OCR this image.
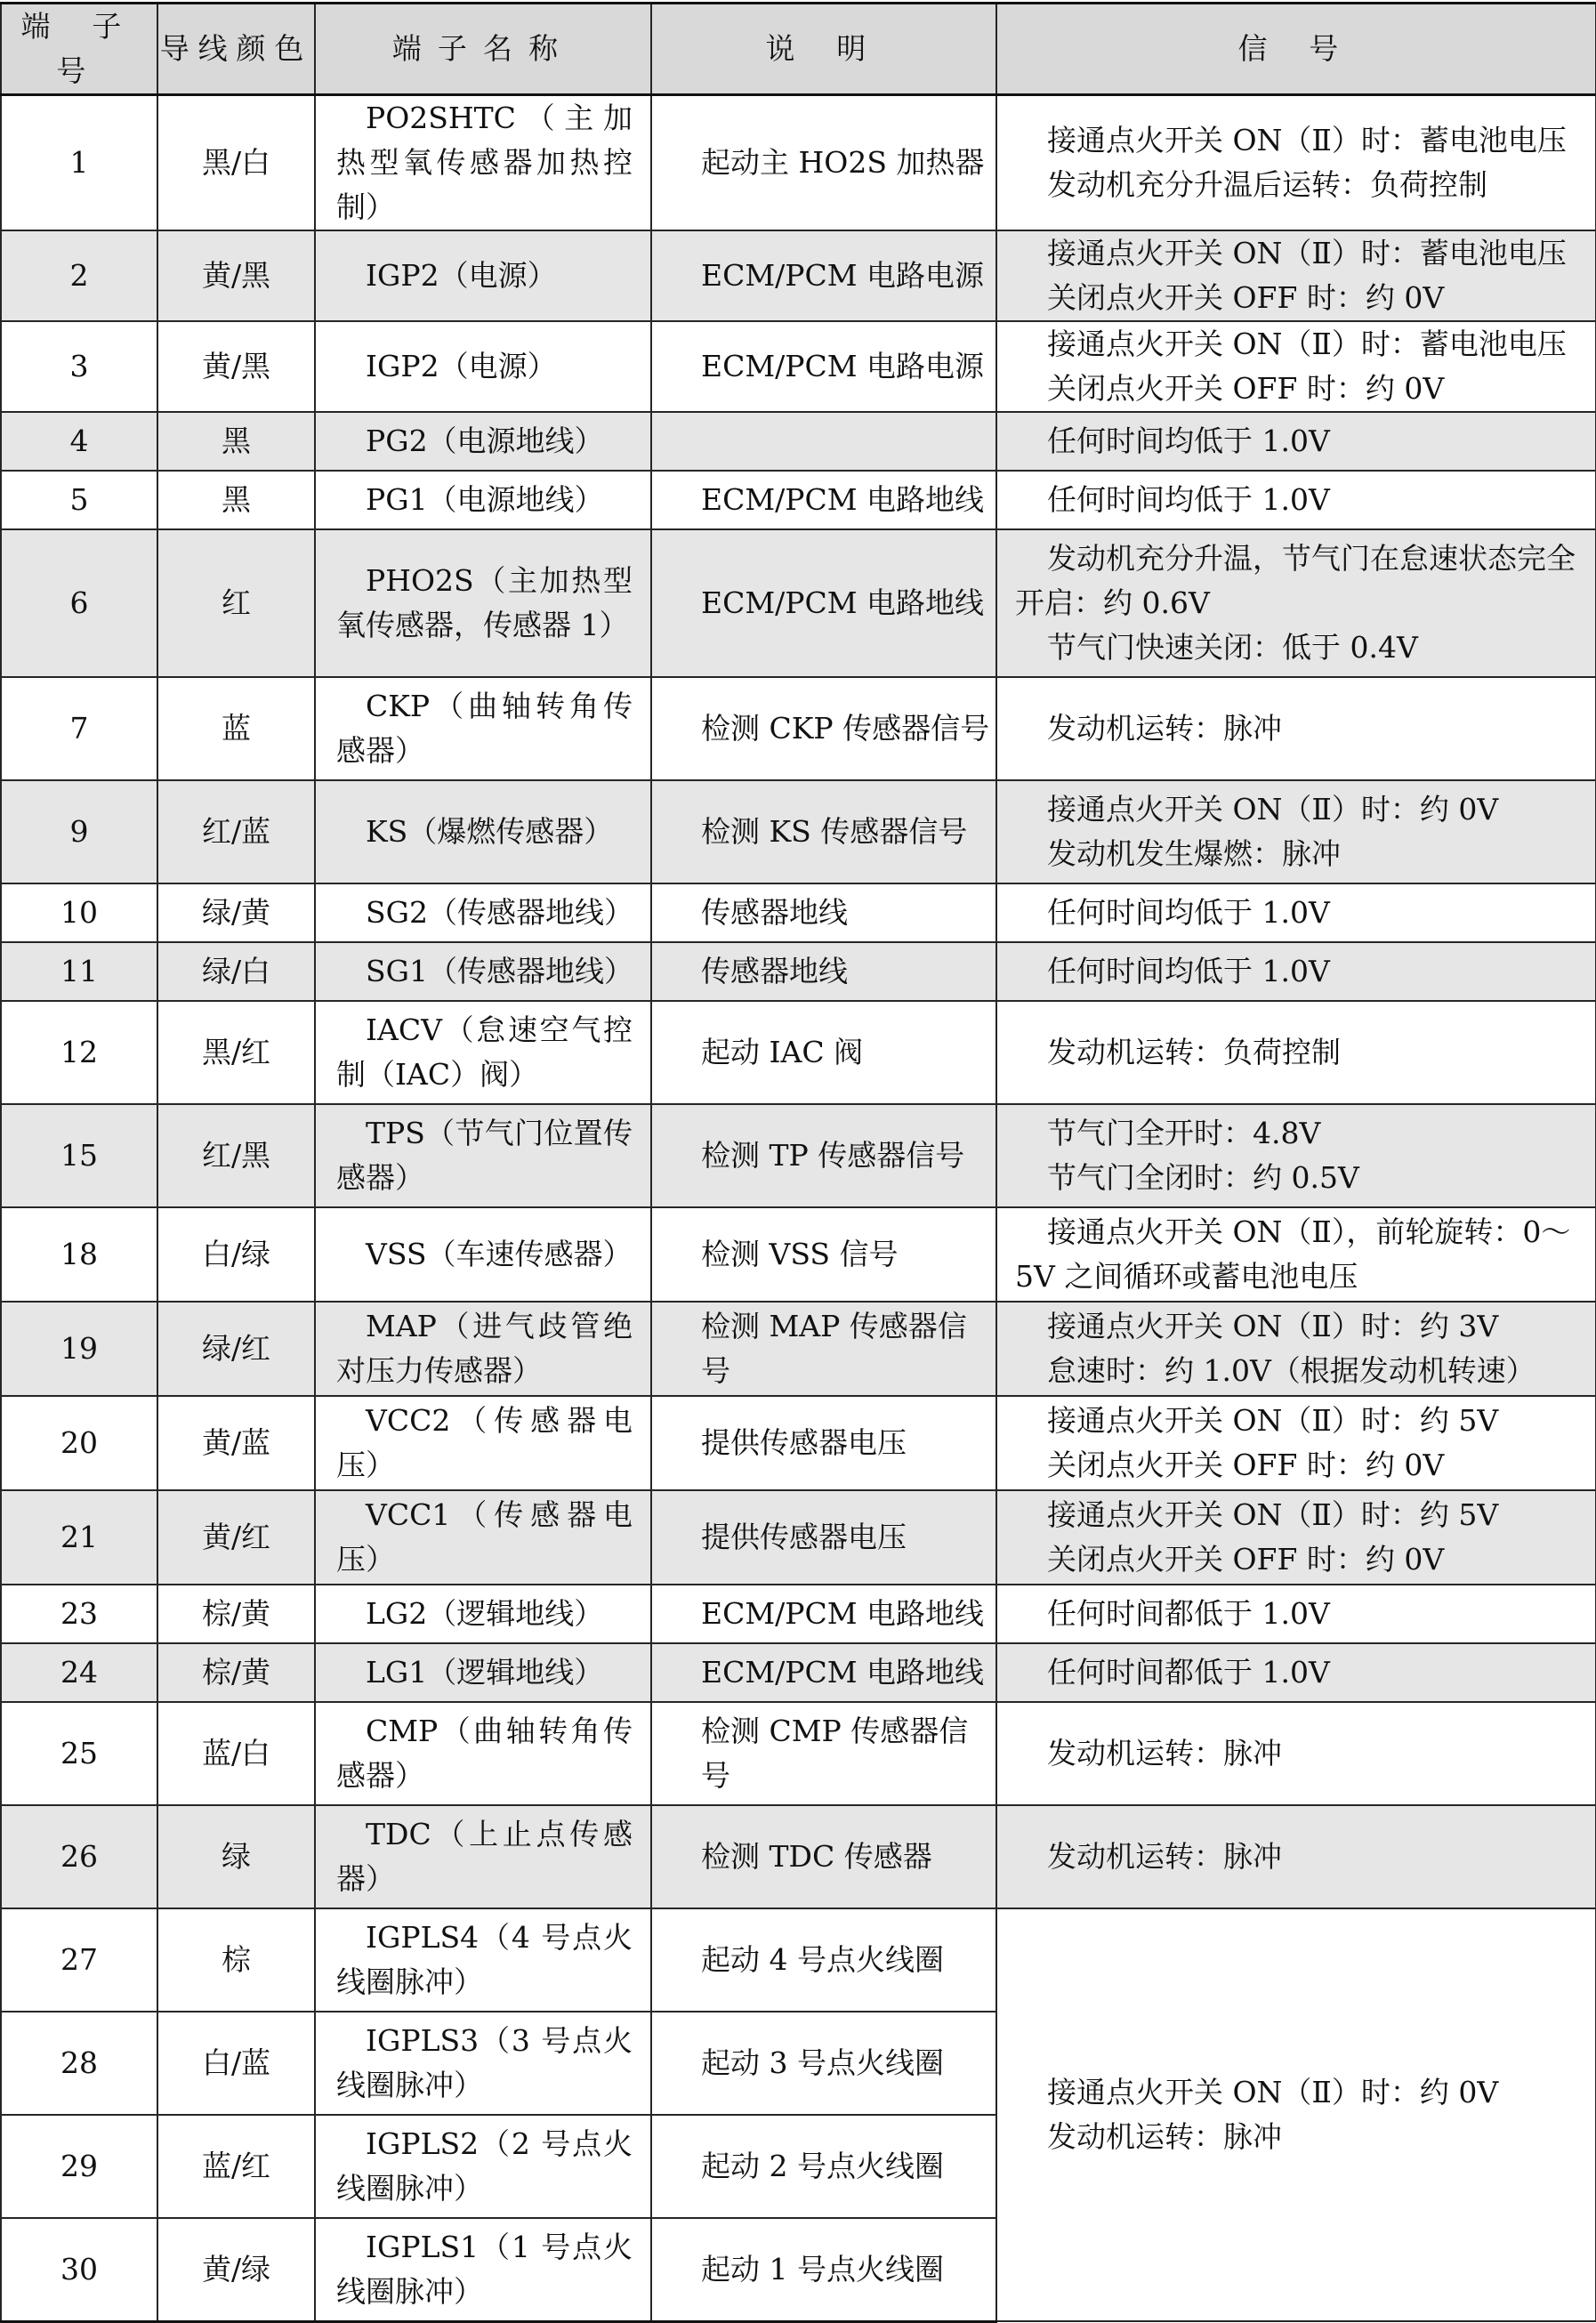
端 子 号	导线颜色	端子名称	说 明	信 号
1	黑/白	PO2SHTC（主加热型氧传感器加热控制）	起动主 HO2S 加热器	接通点火开关 ON（Ⅱ）时：蓄电池电压
发动机充分升温后运转：负荷控制

2	黄/黑	IGP2（电源）	ECM/PCM 电路电源	接通点火开关 ON（Ⅱ）时：蓄电池电压
关闭点火开关 OFF 时：约 0V

3	黄/黑	IGP2（电源）	ECM/PCM 电路电源	接通点火开关 ON（Ⅱ）时：蓄电池电压
关闭点火开关 OFF 时：约 0V

4	黑	PG2（电源地线）		任何时间均低于 1.0V

5	黑	PG1（电源地线）	ECM/PCM 电路地线	任何时间均低于 1.0V

6	红	PHO2S（主加热型氧传感器，传感器 1）	ECM/PCM 电路地线	发动机充分升温，节气门在怠速状态完全开启：约 0.6V
节气门快速关闭：低于 0.4V

7	蓝	CKP（曲轴转角传感器）	检测 CKP 传感器信号	发动机运转：脉冲

9	红/蓝	KS（爆燃传感器）	检测 KS 传感器信号	接通点火开关 ON（Ⅱ）时：约 0V
发动机发生爆燃：脉冲

10	绿/黄	SG2（传感器地线）	传感器地线	任何时间均低于 1.0V

11	绿/白	SG1（传感器地线）	传感器地线	任何时间均低于 1.0V

12	黑/红	IACV（怠速空气控制（IAC）阀）	起动 IAC 阀	发动机运转：负荷控制

15	红/黑	TPS（节气门位置传感器）	检测 TP 传感器信号	节气门全开时：4.8V
节气门全闭时：约 0.5V

18	白/绿	VSS（车速传感器）	检测 VSS 信号	接通点火开关 ON（Ⅱ），前轮旋转：0～5V 之间循环或蓄电池电压

19	绿/红	MAP（进气歧管绝对压力传感器）	检测 MAP 传感器信号	接通点火开关 ON（Ⅱ）时：约 3V
怠速时：约 1.0V（根据发动机转速）

20	黄/蓝	VCC2（传感器电压）	提供传感器电压	接通点火开关 ON（Ⅱ）时：约 5V
关闭点火开关 OFF 时：约 0V

21	黄/红	VCC1（传感器电压）	提供传感器电压	接通点火开关 ON（Ⅱ）时：约 5V
关闭点火开关 OFF 时：约 0V

23	棕/黄	LG2（逻辑地线）	ECM/PCM 电路地线	任何时间都低于 1.0V

24	棕/黄	LG1（逻辑地线）	ECM/PCM 电路地线	任何时间都低于 1.0V

25	蓝/白	CMP（曲轴转角传感器）	检测 CMP 传感器信号	发动机运转：脉冲

26	绿	TDC（上止点传感器）	检测 TDC 传感器	发动机运转：脉冲

27	棕	IGPLS4（4 号点火线圈脉冲）	起动 4 号点火线圈	接通点火开关 ON（Ⅱ）时：约 0V
发动机运转：脉冲

28	白/蓝	IGPLS3（3 号点火线圈脉冲）	起动 3 号点火线圈	
29	蓝/红	IGPLS2（2 号点火线圈脉冲）	起动 2 号点火线圈	
30	黄/绿	IGPLS1（1 号点火线圈脉冲）	起动 1 号点火线圈	
